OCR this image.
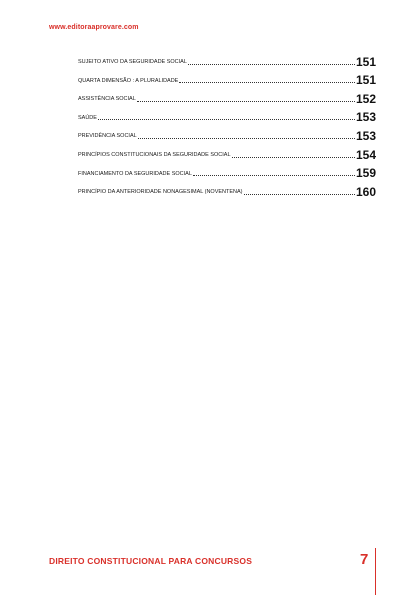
www.editoraaprovare.com
SUJEITO ATIVO DA SEGURIDADE SOCIAL	151
QUARTA DIMENSÃO : A PLURALIDADE	151
ASSISTÊNCIA SOCIAL	152
SAÚDE	153
PREVIDÊNCIA SOCIAL	153
PRINCÍPIOS CONSTITUCIONAIS DA SEGURIDADE SOCIAL	154
FINANCIAMENTO DA SEGURIDADE SOCIAL	159
PRINCÍPIO DA ANTERIORIDADE NONAGESIMAL (NOVENTENA)	160
DIREITO CONSTITUCIONAL PARA CONCURSOS	7
